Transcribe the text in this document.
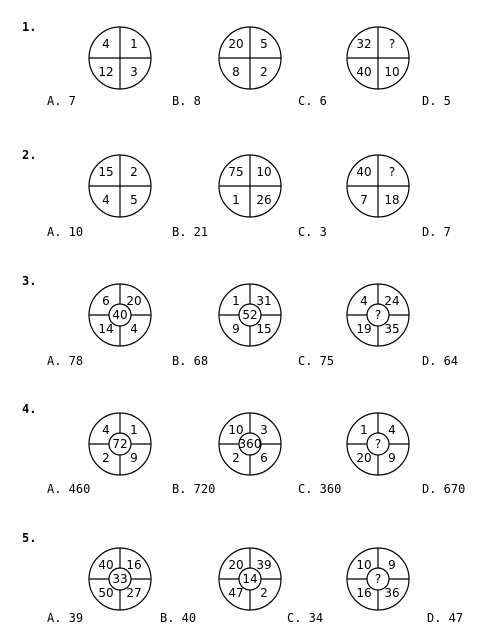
4 1
12 3
20 5
8 2
32 ?
40 10
15 2
4 5
75 10
1 26
40 ?
7 18
6 20
14 4
40
1 31
9 15
52
4 24
19 35
?
4 1
2 9
72
10 3
2 6
360
1 4
20 9
?
40 16
50 27
33
20 39
47 2
14
10 9
16 36
?
1.
A. 7	B. 8	C. 6	D. 5
2.
A. 10	B. 21	C. 3	D. 7
3.
A. 78	B. 68	C. 75	D. 64
4.
A. 460	B. 720	C. 360	D. 670
5.
A. 39	B. 40	C. 34	D. 47
